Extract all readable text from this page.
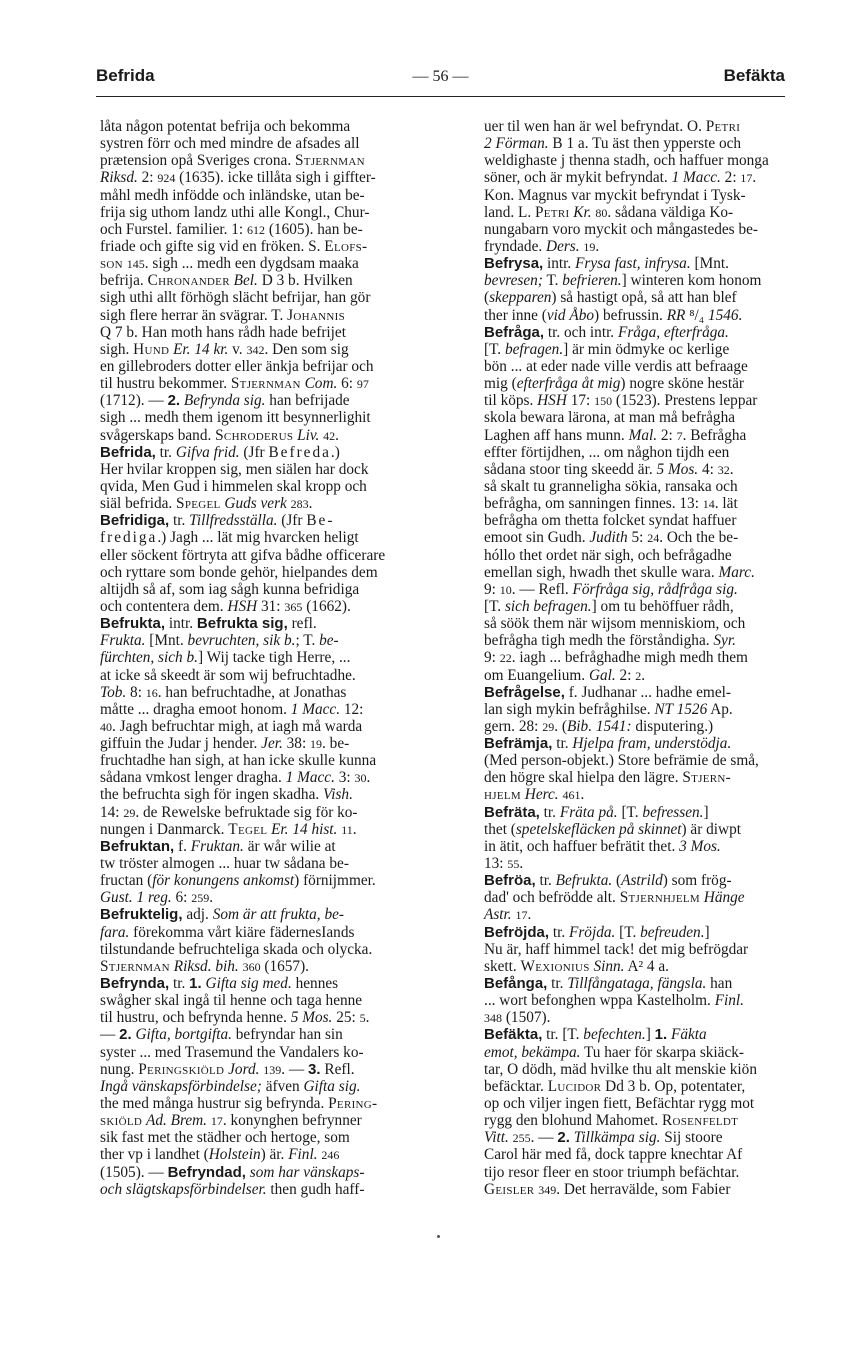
— 56 —
Befrida	Befäkta
låta någon potentat befrija och bekomma
systren förr och med mindre de afsades all
prætension opå Sveriges crona. Stjernman
Riksd. 2: 924 (1635). icke tillåta sigh i giffter-
måhl medh infödde och inländske, utan be-
frija sig uthom landz uthi alle Kongl., Chur-
och Furstel. familier. 1: 612 (1605). han be-
friade och gifte sig vid en fröken. S. Elofs-
son 145. sigh ... medh een dygdsam maaka
befrija. Chronander Bel. D 3 b. Hvilken
sigh uthi allt förhögh slächt befrijar, han gör
sigh flere herrar än svägrar. T. Johannis
Q 7 b. Han moth hans rådh hade befrijet
sigh. Hund Er. 14 kr. v. 342. Den som sig
en gillebroders dotter eller änkja befrijar och
til hustru bekommer. Stjernman Com. 6: 97
(1712). — 2. Befrynda sig. han befrijade
sigh ... medh them igenom itt besynnerlighit
svågerskaps band. Schroderus Liv. 42.
Befrida, tr. Gifva frid. (Jfr Befreda.)
Her hvilar kroppen sig, men siälen har dock
qvida, Men Gud i himmelen skal kropp och
siäl befrida. Spegel Guds verk 283.
Befridiga, tr. Tillfredsställa. (Jfr Be-
frediga.) Jagh ... lät mig hvarcken heligt
eller söckent förtryta att gifva bådhe officerare
och ryttare som bonde gehör, hielpandes dem
altijdh så af, som iag sågh kunna befridiga
och contentera dem. HSH 31: 365 (1662).
Befrukta, intr. Befrukta sig, refl.
Frukta. [Mnt. bevruchten, sik b.; T. be-
fürchten, sich b.] Wij tacke tigh Herre, ...
at icke så skeedt är som wij befruchtadhe.
Tob. 8: 16. han befruchtadhe, at Jonathas
måtte ... dragha emoot honom. 1 Macc. 12:
40. Jagh befruchtar migh, at iagh må warda
giffuin the Judar j hender. Jer. 38: 19. be-
fruchtadhe han sigh, at han icke skulle kunna
sådana vmkost lenger dragha. 1 Macc. 3: 30.
the befruchta sigh för ingen skadha. Vish.
14: 29. de Rewelske befruktade sig för ko-
nungen i Danmarck. Tegel Er. 14 hist. 11.
Befruktan, f. Fruktan. är wår wilie at
tw tröster almogen ... huar tw sådana be-
fructan (för konungens ankomst) förnijmmer.
Gust. 1 reg. 6: 259.
Befruktelig, adj. Som är att frukta, be-
fara. förekomma vårt kiäre fädernesIands
tilstundande befruchteliga skada och olycka.
Stjernman Riksd. bih. 360 (1657).
Befrynda, tr. 1. Gifta sig med. hennes
swågher skal ingå til henne och taga henne
til hustru, och befrynda henne. 5 Mos. 25: 5.
— 2. Gifta, bortgifta. befryndar han sin
syster ... med Trasemund the Vandalers ko-
nung. Peringskiöld Jord. 139. — 3. Refl.
Ingå vänskapsförbindelse; äfven Gifta sig.
the med många hustrur sig befrynda. Pering-
skiöld Ad. Brem. 17. konynghen befrynner
sik fast met the städher och hertoge, som
ther vp i landhet (Holstein) är. Finl. 246
(1505). — Befryndad, som har vänskaps-
och slägtskapsförbindelser. then gudh haff-
uer til wen han är wel befryndat. O. Petri
2 Förman. B 1 a. Tu äst then ypperste och
weldighaste j thenna stadh, och haffuer monga
söner, och är mykit befryndat. 1 Macc. 2: 17.
Kon. Magnus var myckit befryndat i Tysk-
land. L. Petri Kr. 80. sådana väldiga Ko-
nungabarn voro myckit och mångastedes be-
fryndade. Ders. 19.
Befrysa, intr. Frysa fast, infrysa. [Mnt.
bevresen; T. befrieren.] winteren kom honom
(skepparen) så hastigt opå, så att han blef
ther inne (vid Åbo) befrussin. RR ⁸/₄ 1546.
Befråga, tr. och intr. Fråga, efterfråga.
[T. befragen.] är min ödmyke oc kerlige
bön ... at eder nade ville verdis att befraage
mig (efterfråga åt mig) nogre sköne hestär
til köps. HSH 17: 150 (1523). Prestens leppar
skola bewara lärona, at man må befrågha
Laghen aff hans munn. Mal. 2: 7. Befrågha
effter förtijdhen, ... om någhon tijdh een
sådana stoor ting skeedd är. 5 Mos. 4: 32.
så skalt tu granneligha sökia, ransaka och
befrågha, om sanningen finnes. 13: 14. lät
befrågha om thetta folcket syndat haffuer
emoot sin Gudh. Judith 5: 24. Och the be-
hóllo thet ordet när sigh, och befrågadhe
emellan sigh, hwadh thet skulle wara. Marc.
9: 10. — Refl. Förfråga sig, rådfråga sig.
[T. sich befragen.] om tu behöffuer rådh,
så söök them när wijsom menniskiom, och
befrågha tigh medh the förståndigha. Syr.
9: 22. iagh ... befråghadhe migh medh them
om Euangelium. Gal. 2: 2.
Befrågelse, f. Judhanar ... hadhe emel-
lan sigh mykin befråghilse. NT 1526 Ap.
gern. 28: 29. (Bib. 1541: disputering.)
Befrämja, tr. Hjelpa fram, understödja.
(Med person-objekt.) Store befrämie de små,
den högre skal hielpa den lägre. Stjern-
hjelm Herc. 461.
Befräta, tr. Fräta på. [T. befressen.]
thet (spetelskefläcken på skinnet) är diwpt
in ätit, och haffuer befrätit thet. 3 Mos.
13: 55.
Befröa, tr. Befrukta. (Astrild) som frög-
dad' och befrödde alt. Stjernhjelm Hänge
Astr. 17.
Befröjda, tr. Fröjda. [T. befreuden.]
Nu är, haff himmel tack! det mig befrögdar
skett. Wexionius Sinn. A² 4 a.
Befånga, tr. Tillfångataga, fängsla. han
... wort befonghen wppa Kastelholm. Finl.
348 (1507).
Befäkta, tr. [T. befechten.] 1. Fäkta
emot, bekämpa. Tu haer för skarpa skiäck-
tar, O dödh, mäd hvilke thu alt menskie kiön
befäcktar. Lucidor Dd 3 b. Op, potentater,
op och viljer ingen fiett, Befächtar rygg mot
rygg den blohund Mahomet. Rosenfeldt
Vitt. 255. — 2. Tillkämpa sig. Sij stoore
Carol här med få, dock tappre knechtar Af
tijo resor fleer en stoor triumph befächtar.
Geisler 349. Det herravälde, som Fabier
